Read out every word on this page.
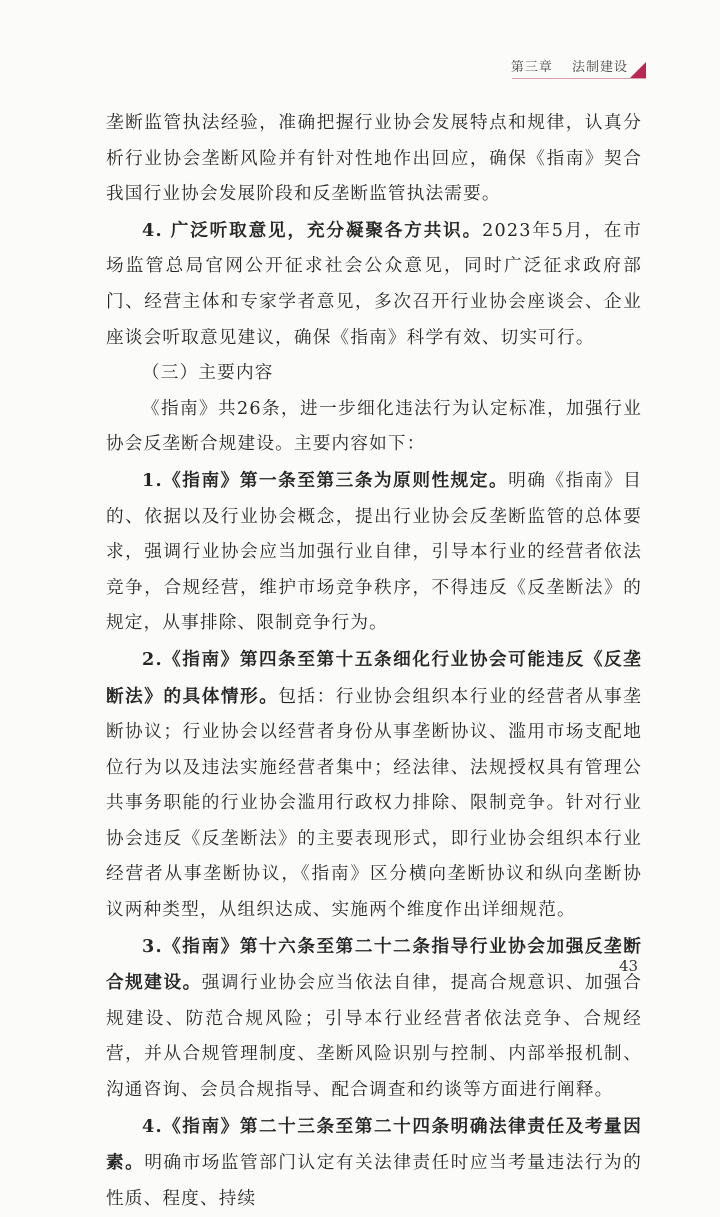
第三章 法制建设

垄断监管执法经验，准确把握行业协会发展特点和规律，认真分析行业协会垄断风险并有针对性地作出回应，确保《指南》契合我国行业协会发展阶段和反垄断监管执法需要。

4. 广泛听取意见，充分凝聚各方共识。2023年5月，在市场监管总局官网公开征求社会公众意见，同时广泛征求政府部门、经营主体和专家学者意见，多次召开行业协会座谈会、企业座谈会听取意见建议，确保《指南》科学有效、切实可行。

（三）主要内容

《指南》共26条，进一步细化违法行为认定标准，加强行业协会反垄断合规建设。主要内容如下：

1.《指南》第一条至第三条为原则性规定。明确《指南》目的、依据以及行业协会概念，提出行业协会反垄断监管的总体要求，强调行业协会应当加强行业自律，引导本行业的经营者依法竞争，合规经营，维护市场竞争秩序，不得违反《反垄断法》的规定，从事排除、限制竞争行为。

2.《指南》第四条至第十五条细化行业协会可能违反《反垄断法》的具体情形。包括：行业协会组织本行业的经营者从事垄断协议；行业协会以经营者身份从事垄断协议、滥用市场支配地位行为以及违法实施经营者集中；经法律、法规授权具有管理公共事务职能的行业协会滥用行政权力排除、限制竞争。针对行业协会违反《反垄断法》的主要表现形式，即行业协会组织本行业经营者从事垄断协议，《指南》区分横向垄断协议和纵向垄断协议两种类型，从组织达成、实施两个维度作出详细规范。

3.《指南》第十六条至第二十二条指导行业协会加强反垄断合规建设。强调行业协会应当依法自律，提高合规意识、加强合规建设、防范合规风险；引导本行业经营者依法竞争、合规经营，并从合规管理制度、垄断风险识别与控制、内部举报机制、沟通咨询、会员合规指导、配合调查和约谈等方面进行阐释。

4.《指南》第二十三条至第二十四条明确法律责任及考量因素。明确市场监管部门认定有关法律责任时应当考量违法行为的性质、程度、持续

43
